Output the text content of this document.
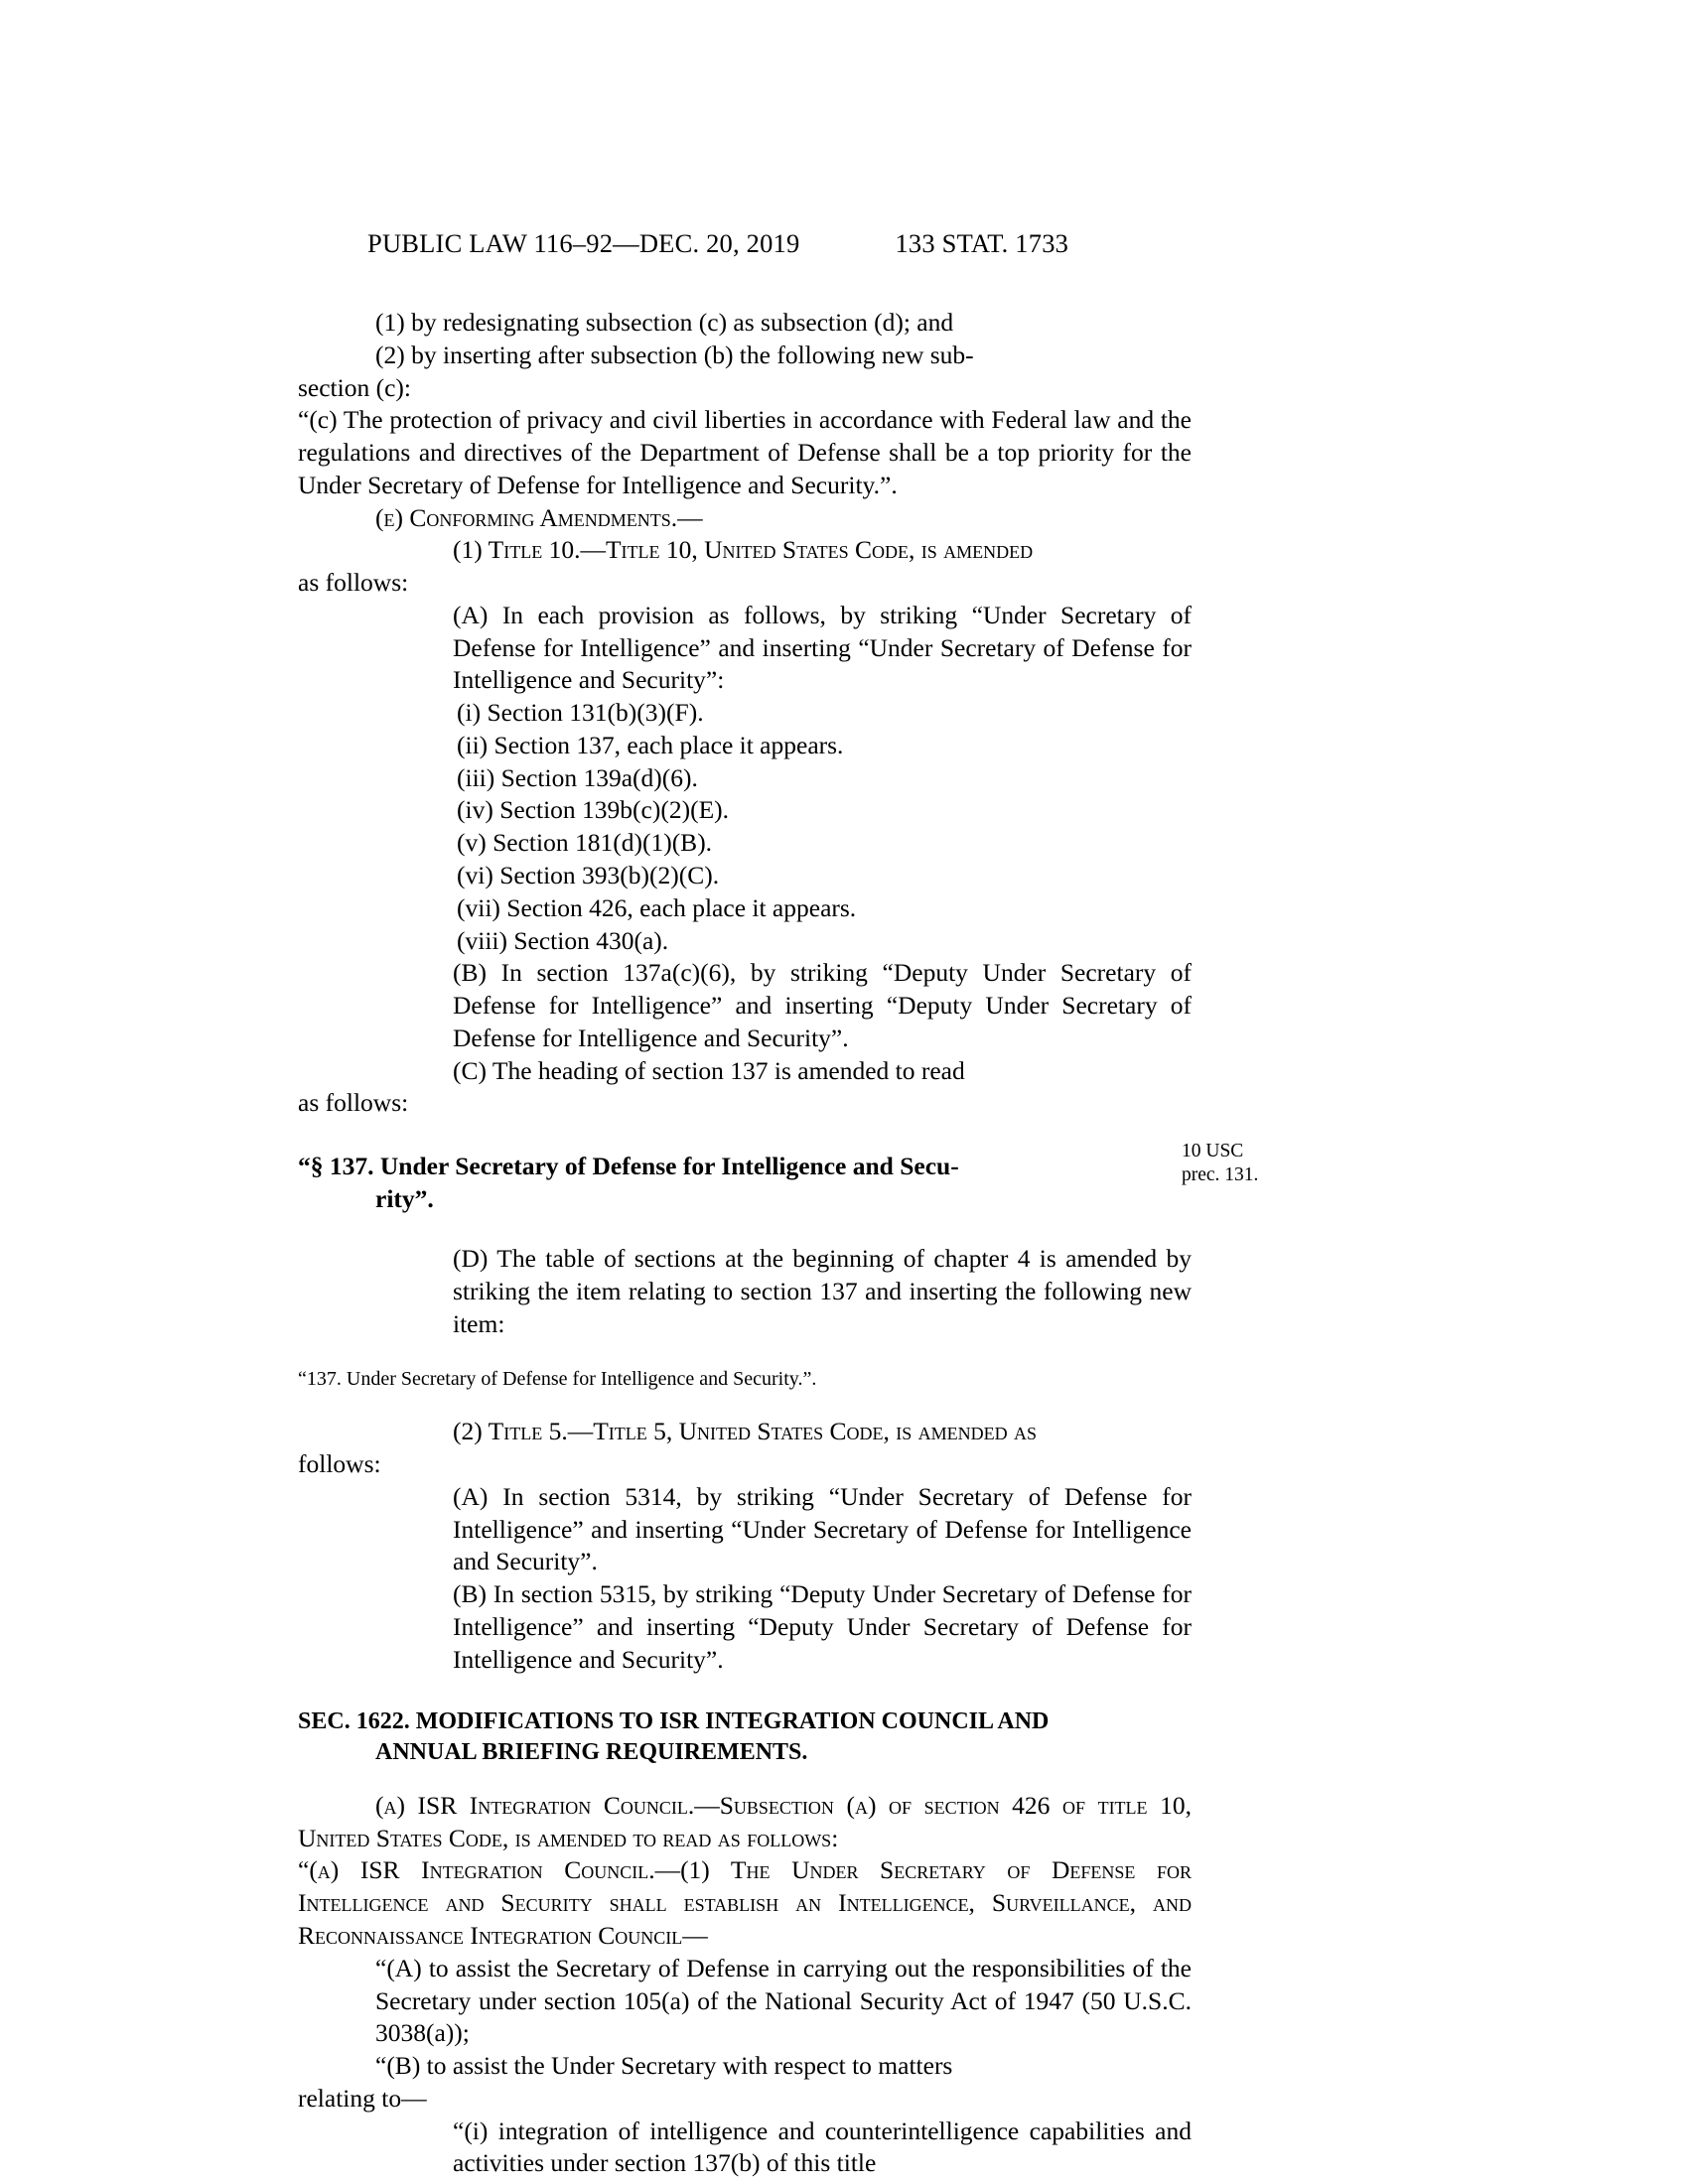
PUBLIC LAW 116–92—DEC. 20, 2019	133 STAT. 1733

(1) by redesignating subsection (c) as subsection (d); and

(2) by inserting after subsection (b) the following new sub-

section (c):

“(c) The protection of privacy and civil liberties in accordance with Federal law and the regulations and directives of the Department of Defense shall be a top priority for the Under Secretary of Defense for Intelligence and Security.”.

(e) Conforming Amendments.—

(1) Title 10.—Title 10, United States Code, is amended

as follows:

(A) In each provision as follows, by striking “Under Secretary of Defense for Intelligence” and inserting “Under Secretary of Defense for Intelligence and Security”:

(i) Section 131(b)(3)(F).

(ii) Section 137, each place it appears.

(iii) Section 139a(d)(6).

(iv) Section 139b(c)(2)(E).

(v) Section 181(d)(1)(B).

(vi) Section 393(b)(2)(C).

(vii) Section 426, each place it appears.

(viii) Section 430(a).

(B) In section 137a(c)(6), by striking “Deputy Under Secretary of Defense for Intelligence” and inserting “Deputy Under Secretary of Defense for Intelligence and Security”.

(C) The heading of section 137 is amended to read

as follows:

“§ 137. Under Secretary of Defense for Intelligence and Secu-
rity”.

(D) The table of sections at the beginning of chapter 4 is amended by striking the item relating to section 137 and inserting the following new item:

“137. Under Secretary of Defense for Intelligence and Security.”.

(2) Title 5.—Title 5, United States Code, is amended as

follows:

(A) In section 5314, by striking “Under Secretary of Defense for Intelligence” and inserting “Under Secretary of Defense for Intelligence and Security”.

(B) In section 5315, by striking “Deputy Under Secretary of Defense for Intelligence” and inserting “Deputy Under Secretary of Defense for Intelligence and Security”.

SEC. 1622. MODIFICATIONS TO ISR INTEGRATION COUNCIL AND
ANNUAL BRIEFING REQUIREMENTS.

(a) ISR Integration Council.—Subsection (a) of section 426 of title 10, United States Code, is amended to read as follows:

“(a) ISR Integration Council.—(1) The Under Secretary of Defense for Intelligence and Security shall establish an Intelligence, Surveillance, and Reconnaissance Integration Council—

“(A) to assist the Secretary of Defense in carrying out the responsibilities of the Secretary under section 105(a) of the National Security Act of 1947 (50 U.S.C. 3038(a));

“(B) to assist the Under Secretary with respect to matters

relating to—

“(i) integration of intelligence and counterintelligence capabilities and activities under section 137(b) of this title

10 USC
prec. 131.
